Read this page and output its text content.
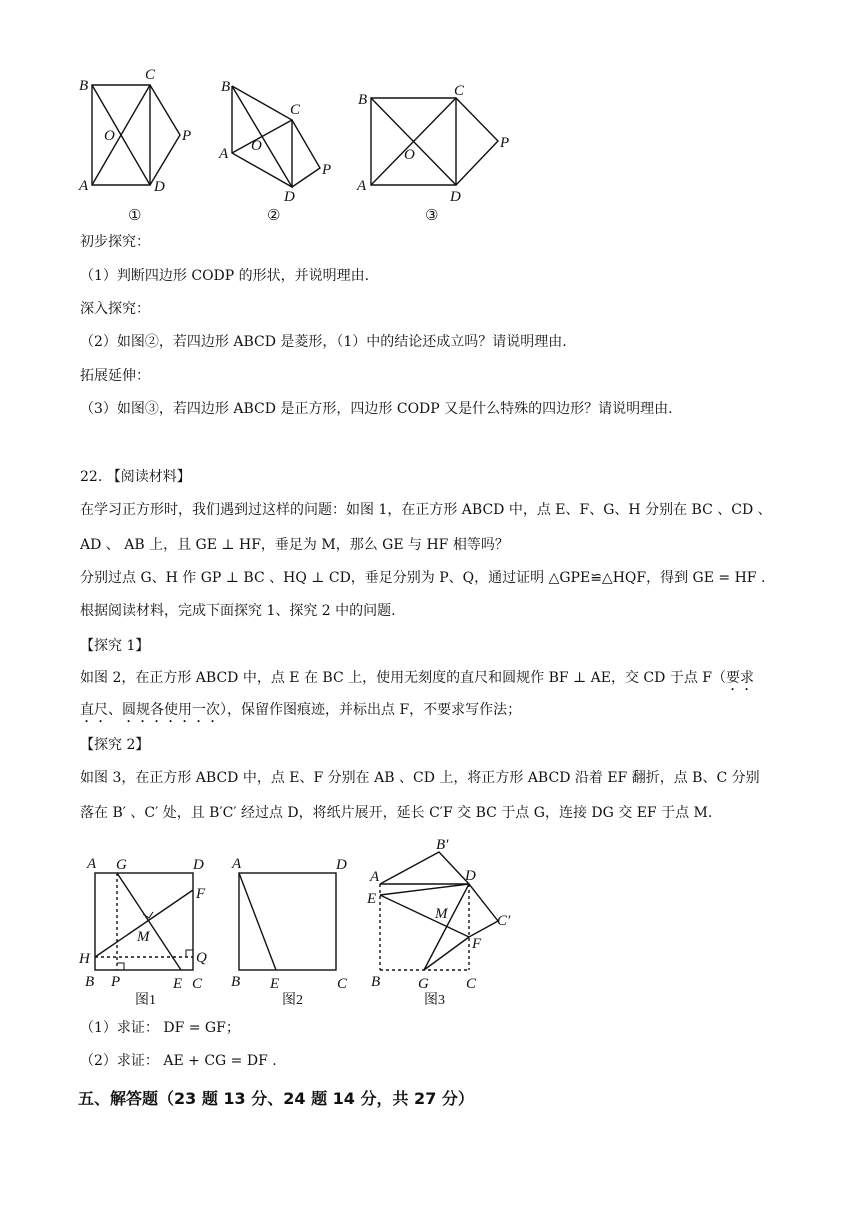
B
C
O	P
A	D
B
C
O
A
P
D
B
C
O
P
A
D
①	②	③
初步探究：
（1）判断四边形 CODP 的形状，并说明理由.
深入探究：
（2）如图②，若四边形 ABCD 是菱形，（1）中的结论还成立吗？请说明理由.
拓展延伸：
（3）如图③，若四边形 ABCD 是正方形，四边形 CODP 又是什么特殊的四边形？请说明理由.
22. 【阅读材料】
在学习正方形时，我们遇到过这样的问题：如图 1，在正方形 ABCD 中，点 E、F、G、H 分别在 BC 、CD 、
AD 、 AB 上，且 GE ⊥ HF，垂足为 M，那么 GE 与 HF 相等吗？
分别过点 G、H 作 GP ⊥ BC 、HQ ⊥ CD，垂足分别为 P、Q，通过证明 △GPE≌△HQF，得到 GE = HF .
根据阅读材料，完成下面探究 1、探究 2 中的问题.
【探究 1】
如图 2，在正方形 ABCD 中，点 E 在 BC 上，使用无刻度的直尺和圆规作 BF ⊥ AE，交 CD 于点 F（要求
直尺、圆规各使用一次），保留作图痕迹，并标出点 F，不要求写作法；
【探究 2】
如图 3，在正方形 ABCD 中，点 E、F 分别在 AB 、CD 上，将正方形 ABCD 沿着 EF 翻折，点 B、C 分别
落在 B′ 、C′ 处，且 B′C′ 经过点 D，将纸片展开，延长 C′F 交 BC 于点 G，连接 DG 交 EF 于点 M.
A G	D
F
M
H	Q
B P	E C
A	D
B E	C
B′
A	D
E
M	C′
F
B	G C
图1	图2	图3
（1）求证： DF = GF；
（2）求证： AE + CG = DF .
五、解答题（23 题 13 分、24 题 14 分，共 27 分）
